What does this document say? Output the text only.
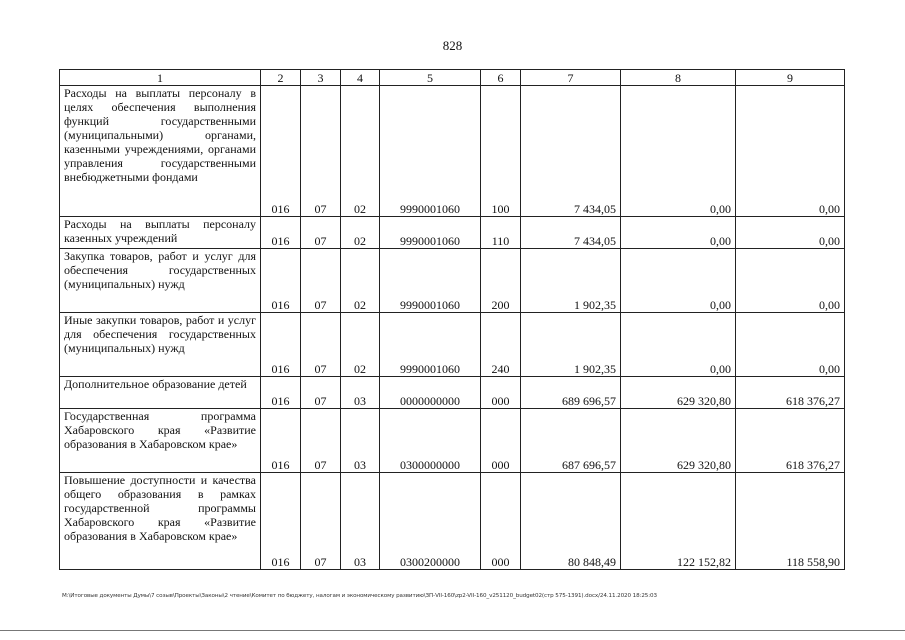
828
1	2	3	4	5	6	7	8	9
Расходы на выплаты персоналу в целях обеспечения выполнения функций государственными (муниципальными) органами, казенными учреждениями, органами управления государственными внебюджетными фондами	016	07	02	9990001060	100	7 434,05	0,00	0,00
Расходы на выплаты персоналу казенных учреждений	016	07	02	9990001060	110	7 434,05	0,00	0,00
Закупка товаров, работ и услуг для обеспечения государственных (муниципальных) нужд	016	07	02	9990001060	200	1 902,35	0,00	0,00
Иные закупки товаров, работ и услуг для обеспечения государственных (муниципальных) нужд	016	07	02	9990001060	240	1 902,35	0,00	0,00
Дополнительное образование детей	016	07	03	0000000000	000	689 696,57	629 320,80	618 376,27
Государственная программа Хабаровского края «Развитие образования в Хабаровском крае»	016	07	03	0300000000	000	687 696,57	629 320,80	618 376,27
Повышение доступности и качества общего образования в рамках государственной программы Хабаровского края «Развитие образования в Хабаровском крае»	016	07	03	0300200000	000	80 848,49	122 152,82	118 558,90
M:\Итоговые документы Думы\7 созыв\Проекты\Законы\2 чтение\Комитет по бюджету, налогам и экономическому развитию\ЗП-VII-160\zp2-VII-160_v251120_budget02(стр 575-1391).docx/24.11.2020 18:25:03
